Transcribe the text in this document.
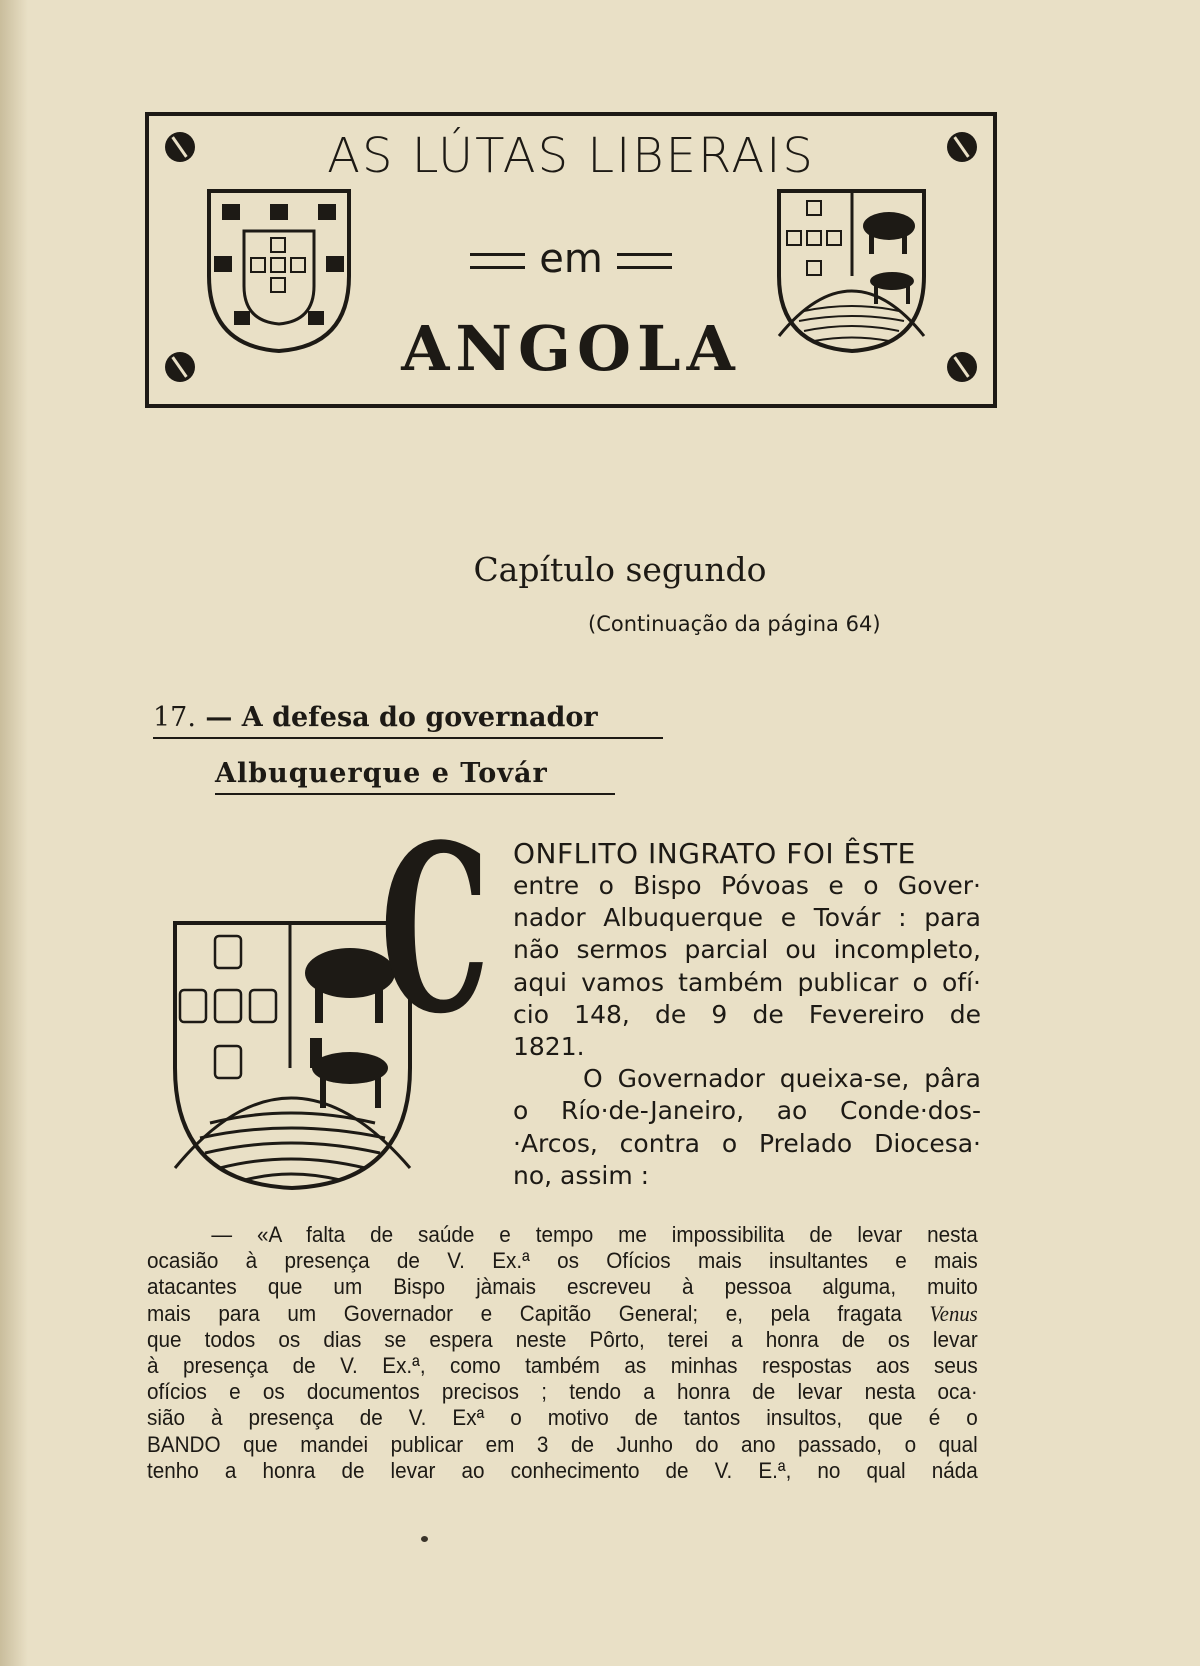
AS LÚTAS LIBERAIS
em
ANGOLA
Capítulo segundo
(Continuação da página 64)
17. — A defesa do governador
Albuquerque e Továr
C ONFLITO INGRATO FOI ÊSTE
entre o Bispo Póvoas e o Gover·
nador Albuquerque e Továr : para
não sermos parcial ou incompleto,
aqui vamos também publicar o ofí·
cio 148, de 9 de Fevereiro de
1821.
O Governador queixa-se, pâra
o Río·de-Janeiro, ao Conde·dos-
·Arcos, contra o Prelado Diocesa·
no, assim :
— «A falta de saúde e tempo me impossibilita de levar nesta
ocasião à presença de V. Ex.ª os Ofícios mais insultantes e mais
atacantes que um Bispo jàmais escreveu à pessoa alguma, muito
mais para um Governador e Capitão General; e, pela fragata Venus
que todos os dias se espera neste Pôrto, terei a honra de os levar
à presença de V. Ex.ª, como também as minhas respostas aos seus
ofícios e os documentos precisos ; tendo a honra de levar nesta oca·
sião à presença de V. Exª o motivo de tantos insultos, que é o
BANDO que mandei publicar em 3 de Junho do ano passado, o qual
tenho a honra de levar ao conhecimento de V. E.ª, no qual náda
